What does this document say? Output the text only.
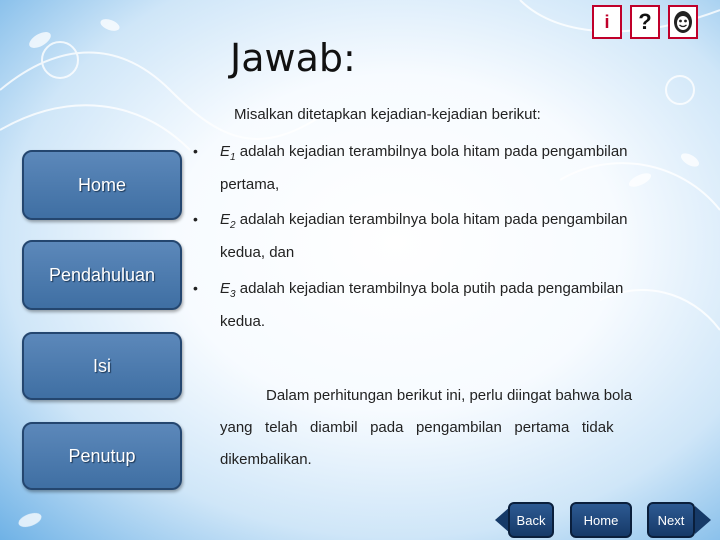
Jawab:
i ?
Home
Pendahuluan
Isi
Penutup
Misalkan ditetapkan kejadian-kejadian berikut:
• $E_1$ adalah kejadian terambilnya bola hitam pada pengambilan
pertama,
• $E_2$ adalah kejadian terambilnya bola hitam pada pengambilan
kedua, dan
• $E_3$ adalah kejadian terambilnya bola putih pada pengambilan
kedua.
Dalam perhitungan berikut ini, perlu diingat bahwa bola
yang   telah   diambil   pada   pengambilan   pertama   tidak
dikembalikan.
Back	Home	Next
